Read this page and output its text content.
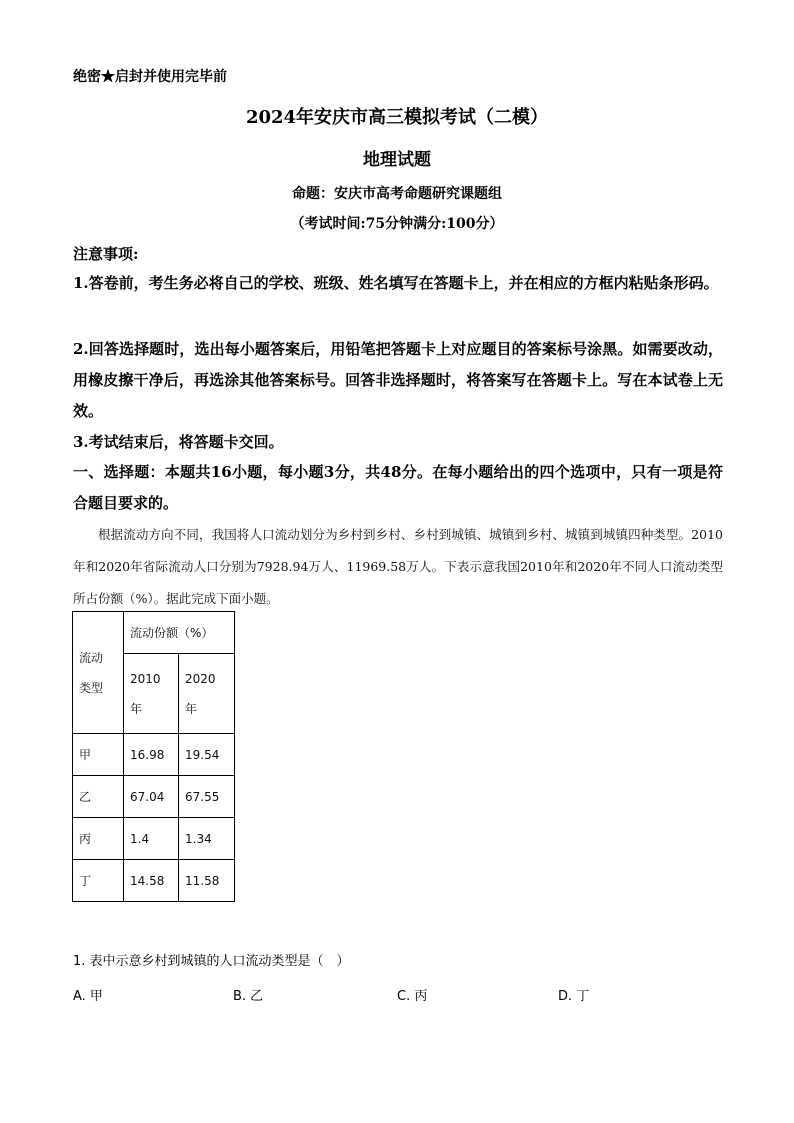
绝密★启封并使用完毕前
2024年安庆市高三模拟考试（二模）
地理试题
命题：安庆市高考命题研究课题组
（考试时间:75分钟满分:100分）
注意事项:
1.答卷前，考生务必将自己的学校、班级、姓名填写在答题卡上，并在相应的方框内粘贴条形码。
2.回答选择题时，选出每小题答案后，用铅笔把答题卡上对应题目的答案标号涂黑。如需要改动，用橡皮擦干净后，再选涂其他答案标号。回答非选择题时，将答案写在答题卡上。写在本试卷上无效。
3.考试结束后，将答题卡交回。
一、选择题：本题共16小题，每小题3分，共48分。在每小题给出的四个选项中，只有一项是符合题目要求的。
根据流动方向不同，我国将人口流动划分为乡村到乡村、乡村到城镇、城镇到乡村、城镇到城镇四种类型。2010年和2020年省际流动人口分别为7928.94万人、11969.58万人。下表示意我国2010年和2020年不同人口流动类型所占份额（%）。据此完成下面小题。
流动类型	流动份额（%）	

	2010年	2020年

甲	16.98	19.54
乙	67.04	67.55
丙	1.4	1.34
丁	14.58	11.58
1. 表中示意乡村到城镇的人口流动类型是（　）
A. 甲	B. 乙	C. 丙	D. 丁
